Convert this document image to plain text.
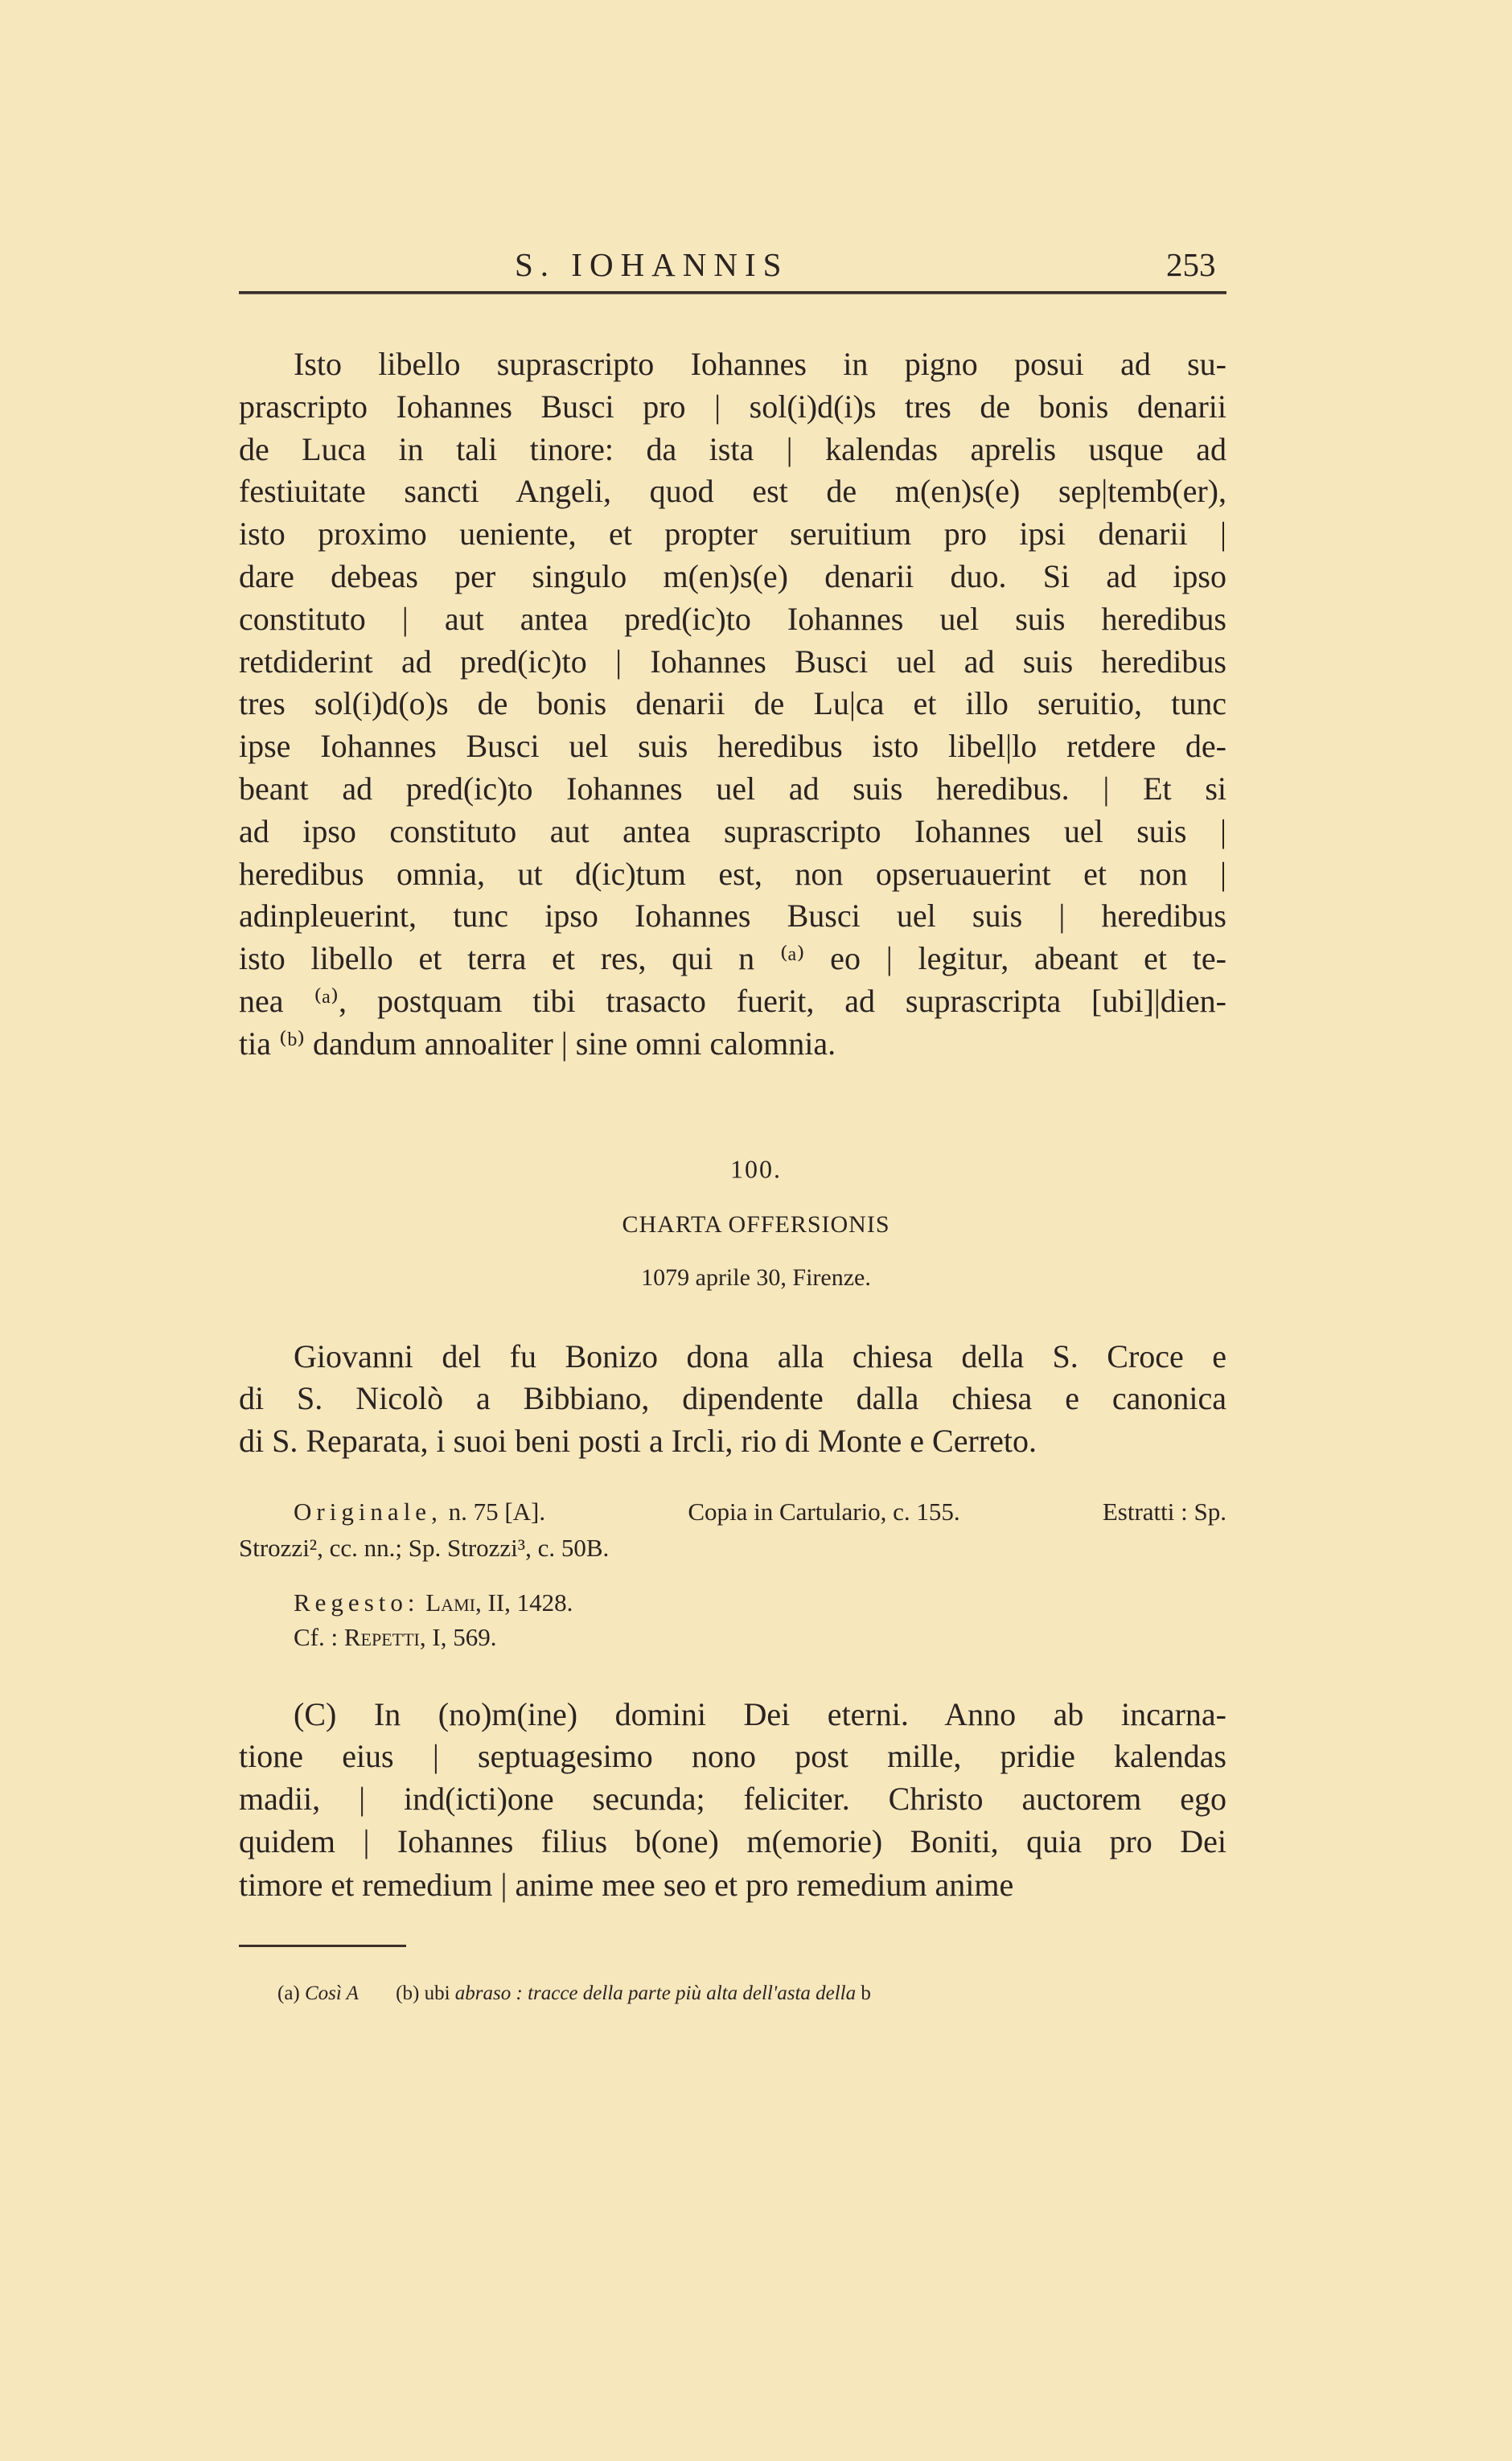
S. IOHANNIS	253
Isto libello suprascripto Iohannes in pigno posui ad su-
prascripto Iohannes Busci pro | sol(i)d(i)s tres de bonis denarii
de Luca in tali tinore: da ista | kalendas aprelis usque ad
festiuitate sancti Angeli, quod est de m(en)s(e) sep|temb(er),
isto proximo ueniente, et propter seruitium pro ipsi denarii |
dare debeas per singulo m(en)s(e) denarii duo. Si ad ipso
constituto | aut antea pred(ic)to Iohannes uel suis heredibus
retdiderint ad pred(ic)to | Iohannes Busci uel ad suis heredibus
tres sol(i)d(o)s de bonis denarii de Lu|ca et illo seruitio, tunc
ipse Iohannes Busci uel suis heredibus isto libel|lo retdere de-
beant ad pred(ic)to Iohannes uel ad suis heredibus. | Et si
ad ipso constituto aut antea suprascripto Iohannes uel suis |
heredibus omnia, ut d(ic)tum est, non opseruauerint et non |
adinpleuerint, tunc ipso Iohannes Busci uel suis | heredibus
isto libello et terra et res, qui n ⁽ᵃ⁾ eo | legitur, abeant et te-
nea ⁽ᵃ⁾, postquam tibi trasacto fuerit, ad suprascripta [ubi]|dien-
tia ⁽ᵇ⁾ dandum annoaliter | sine omni calomnia.
100.
CHARTA OFFERSIONIS
1079 aprile 30, Firenze.
Giovanni del fu Bonizo dona alla chiesa della S. Croce e
di S. Nicolò a Bibbiano, dipendente dalla chiesa e canonica
di S. Reparata, i suoi beni posti a Ircli, rio di Monte e Cerreto.
Originale, n. 75 [A].	Copia in Cartulario, c. 155.	Estratti : Sp.
Strozzi², cc. nn.; Sp. Strozzi³, c. 50B.
Regesto: Lami, II, 1428.
Cf. : Repetti, I, 569.
(C) In (no)m(ine) domini Dei eterni. Anno ab incarna-
tione eius | septuagesimo nono post mille, pridie kalendas
madii, | ind(icti)one secunda; feliciter. Christo auctorem ego
quidem | Iohannes filius b(one) m(emorie) Boniti, quia pro Dei
timore et remedium | anime mee seo et pro remedium anime
(a) Così A (b) ubi abraso : tracce della parte più alta dell'asta della b
